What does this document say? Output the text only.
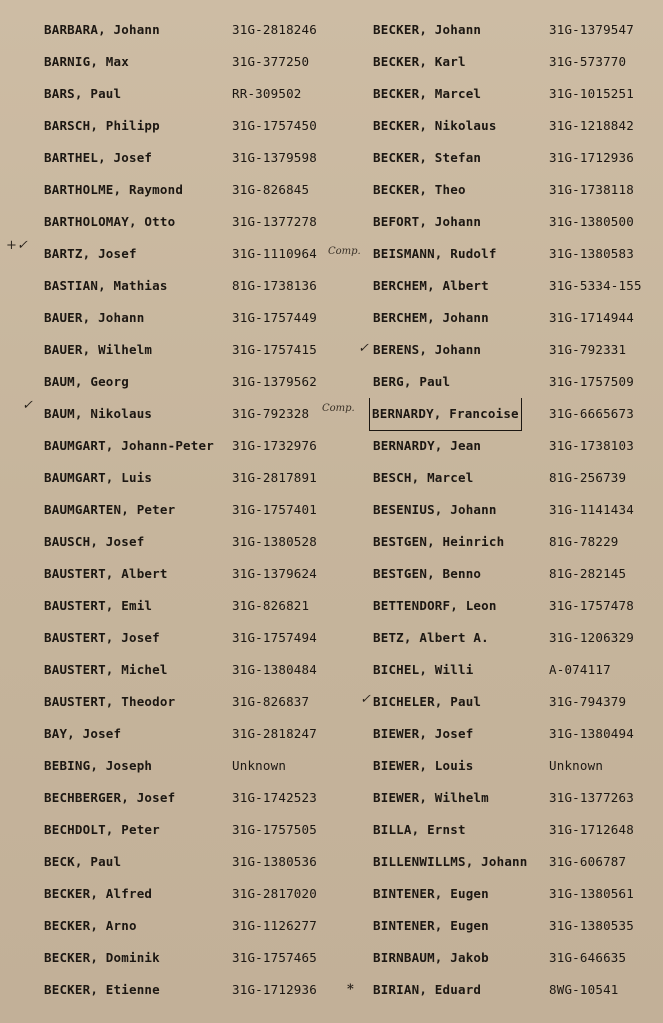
BARBARA, Johann	31G-2818246
BARNIG, Max	31G-377250
BARS, Paul	RR-309502
BARSCH, Philipp	31G-1757450
BARTHEL, Josef	31G-1379598
BARTHOLME, Raymond	31G-826845
BARTHOLOMAY, Otto	31G-1377278
BARTZ, Josef	31G-1110964
BASTIAN, Mathias	81G-1738136
BAUER, Johann	31G-1757449
BAUER, Wilhelm	31G-1757415
BAUM, Georg	31G-1379562
BAUM, Nikolaus	31G-792328
BAUMGART, Johann-Peter 31G-1732976
BAUMGART, Luis	31G-2817891
BAUMGARTEN, Peter	31G-1757401
BAUSCH, Josef	31G-1380528
BAUSTERT, Albert	31G-1379624
BAUSTERT, Emil	31G-826821
BAUSTERT, Josef	31G-1757494
BAUSTERT, Michel	31G-1380484
BAUSTERT, Theodor	31G-826837
BAY, Josef	31G-2818247
BEBING, Joseph	Unknown
BECHBERGER, Josef	31G-1742523
BECHDOLT, Peter	31G-1757505
BECK, Paul	31G-1380536
BECKER, Alfred	31G-2817020
BECKER, Arno	31G-1126277
BECKER, Dominik	31G-1757465
BECKER, Etienne	31G-1712936
BECKER, Johann	31G-1379547
BECKER, Karl	31G-573770
BECKER, Marcel	31G-1015251
BECKER, Nikolaus	31G-1218842
BECKER, Stefan	31G-1712936
BECKER, Theo	31G-1738118
BEFORT, Johann	31G-1380500
BEISMANN, Rudolf	31G-1380583
BERCHEM, Albert	31G-5334-155
BERCHEM, Johann	31G-1714944
BERENS, Johann	31G-792331
BERG, Paul	31G-1757509
BERNARDY, Francoise 31G-6665673
BERNARDY, Jean	31G-1738103
BESCH, Marcel	81G-256739
BESENIUS, Johann	31G-1141434
BESTGEN, Heinrich	81G-78229
BESTGEN, Benno	81G-282145
BETTENDORF, Leon	31G-1757478
BETZ, Albert A.	31G-1206329
BICHEL, Willi	A-074117
BICHELER, Paul	31G-794379
BIEWER, Josef	31G-1380494
BIEWER, Louis	Unknown
BIEWER, Wilhelm	31G-1377263
BILLA, Ernst	31G-1712648
BILLENWILLMS, Johann 31G-606787
BINTENER, Eugen	31G-1380561
BINTENER, Eugen	31G-1380535
BIRNBAUM, Jakob	31G-646635
BIRIAN, Eduard	8WG-10541
+✓	Comp.
✓	Comp.
✓
✓
*
